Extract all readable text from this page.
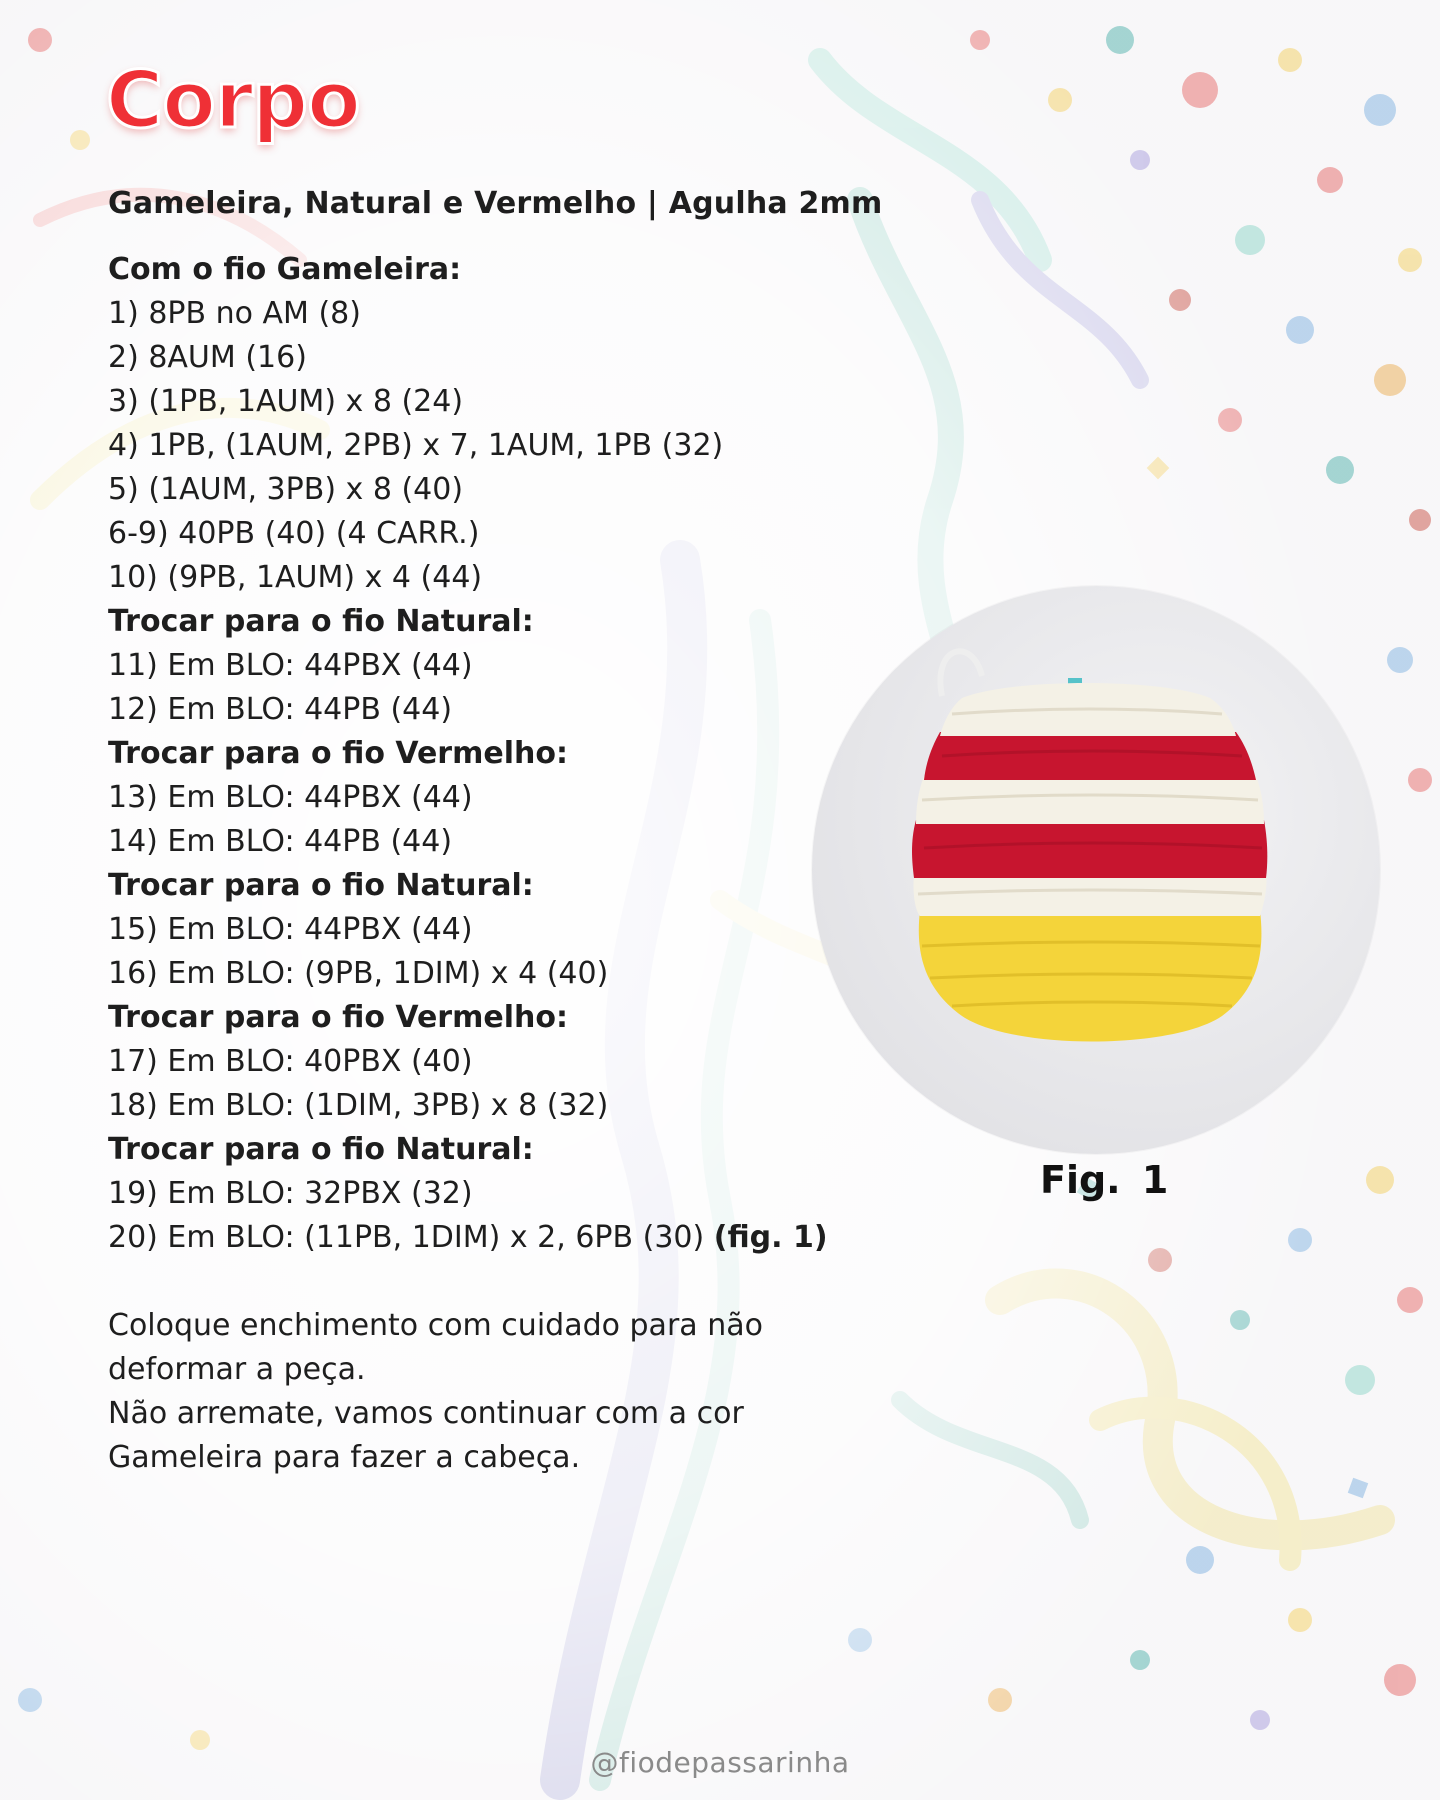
Corpo
Gameleira, Natural e Vermelho | Agulha 2mm
Com o fio Gameleira:
1) 8PB no AM (8)
2) 8AUM (16)
3) (1PB, 1AUM) x 8 (24)
4) 1PB, (1AUM, 2PB) x 7, 1AUM, 1PB (32)
5) (1AUM, 3PB) x 8 (40)
6-9) 40PB (40) (4 CARR.)
10) (9PB, 1AUM) x 4 (44)
Trocar para o fio Natural:
11) Em BLO: 44PBX (44)
12) Em BLO: 44PB (44)
Trocar para o fio Vermelho:
13) Em BLO: 44PBX (44)
14) Em BLO: 44PB (44)
Trocar para o fio Natural:
15) Em BLO: 44PBX (44)
16) Em BLO: (9PB, 1DIM) x 4 (40)
Trocar para o fio Vermelho:
17) Em BLO: 40PBX (40)
18) Em BLO: (1DIM, 3PB) x 8 (32)
Trocar para o fio Natural:
19) Em BLO: 32PBX (32)
20) Em BLO: (11PB, 1DIM) x 2, 6PB (30) (fig. 1)

Coloque enchimento com cuidado para não deformar a peça.

Não arremate, vamos continuar com a cor Gameleira para fazer a cabeça.

Fig. 1

@fiodepassarinha
